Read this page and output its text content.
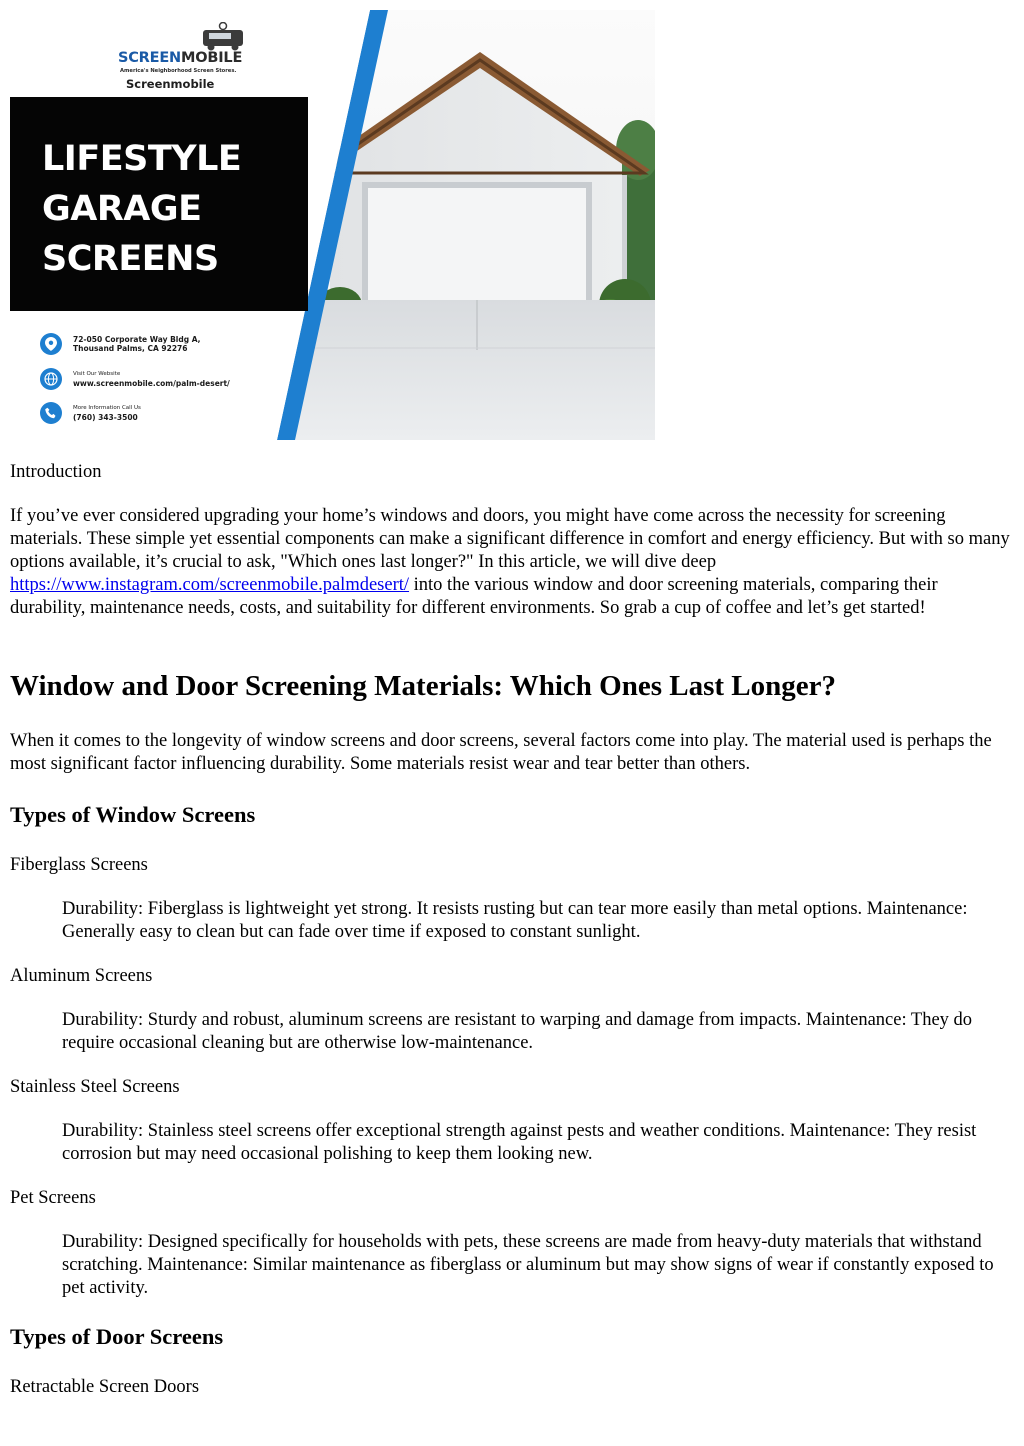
SCREENMOBILE
America's Neighborhood Screen Stores.
Screenmobile
LIFESTYLE
GARAGE
SCREENS
72-050 Corporate Way Bldg A,
Thousand Palms, CA 92276
Visit Our Website
www.screenmobile.com/palm-desert/
More Information Call Us
(760) 343-3500
Introduction

If you’ve ever considered upgrading your home’s windows and doors, you might have come across the necessity for screening materials. These simple yet essential components can make a significant difference in comfort and energy efficiency. But with so many options available, it’s crucial to ask, "Which ones last longer?" In this article, we will dive deep https://www.instagram.com/screenmobile.palmdesert/ into the various window and door screening materials, comparing their durability, maintenance needs, costs, and suitability for different environments. So grab a cup of coffee and let’s get started!

Window and Door Screening Materials: Which Ones Last Longer?

When it comes to the longevity of window screens and door screens, several factors come into play. The material used is perhaps the most significant factor influencing durability. Some materials resist wear and tear better than others.

Types of Window Screens
Fiberglass Screens

Durability: Fiberglass is lightweight yet strong. It resists rusting but can tear more easily than metal options. Maintenance: Generally easy to clean but can fade over time if exposed to constant sunlight.

Aluminum Screens

Durability: Sturdy and robust, aluminum screens are resistant to warping and damage from impacts. Maintenance: They do require occasional cleaning but are otherwise low-maintenance.

Stainless Steel Screens

Durability: Stainless steel screens offer exceptional strength against pests and weather conditions. Maintenance: They resist corrosion but may need occasional polishing to keep them looking new.

Pet Screens

Durability: Designed specifically for households with pets, these screens are made from heavy-duty materials that withstand scratching. Maintenance: Similar maintenance as fiberglass or aluminum but may show signs of wear if constantly exposed to pet activity.

Types of Door Screens
Retractable Screen Doors
